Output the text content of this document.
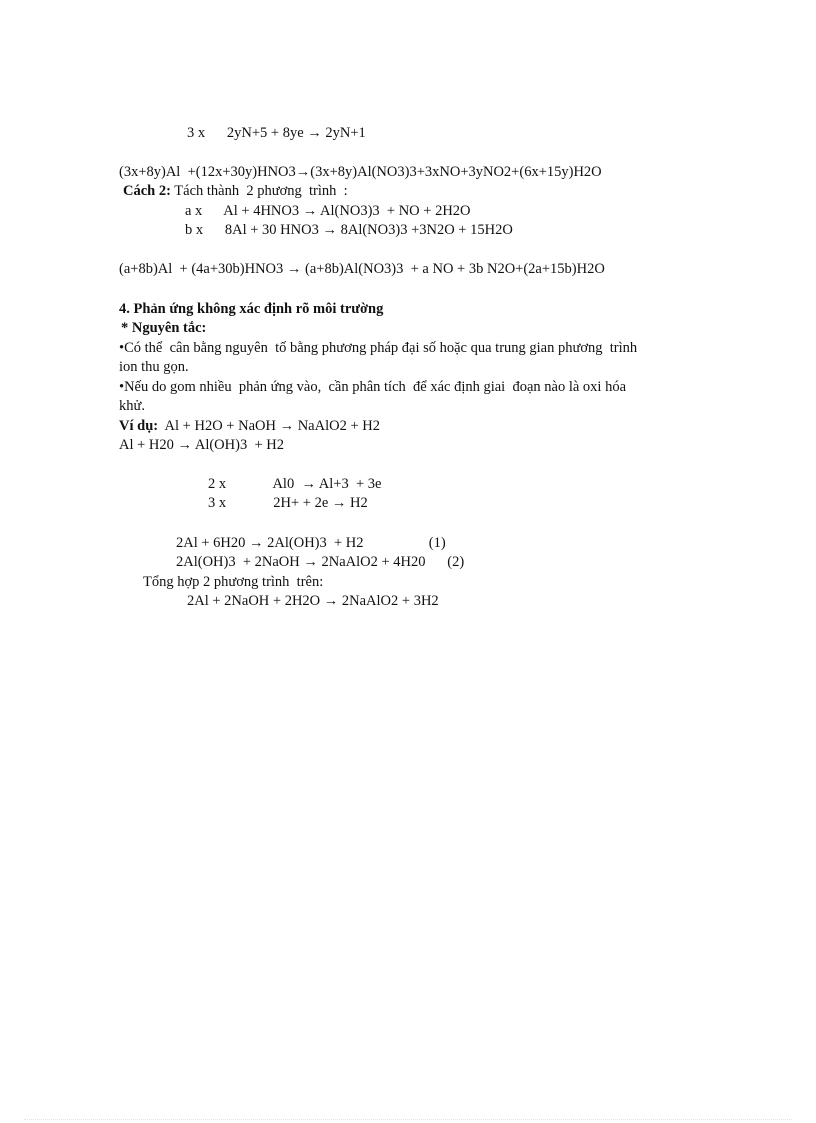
3 x      2yN+5 + 8ye → 2yN+1
(3x+8y)Al  +(12x+30y)HNO3→(3x+8y)Al(NO3)3+3xNO+3yNO2+(6x+15y)H2O
Cách 2: Tách thành  2 phương  trình  :
a x      Al + 4HNO3 → Al(NO3)3  + NO + 2H2O
b x      8Al + 30 HNO3 → 8Al(NO3)3 +3N2O + 15H2O
(a+8b)Al  + (4a+30b)HNO3 → (a+8b)Al(NO3)3  + a NO + 3b N2O+(2a+15b)H2O
4. Phản ứng không xác định rõ môi trường
* Nguyên tắc:
•Có thể  cân bằng nguyên  tố bằng phương pháp đại số hoặc qua trung gian phương  trình
ion thu gọn.
•Nếu do gom nhiều  phản ứng vào,  cần phân tích  để xác định giai  đoạn nào là oxi hóa
khử.
Ví dụ:  Al + H2O + NaOH → NaAlO2 + H2
Al + H20 → Al(OH)3  + H2
2 x             Al0  → Al+3  + 3e
3 x             2H+ + 2e → H2
2Al + 6H20 → 2Al(OH)3  + H2                  (1)
2Al(OH)3  + 2NaOH → 2NaAlO2 + 4H20      (2)
Tổng hợp 2 phương trình  trên:
2Al + 2NaOH + 2H2O → 2NaAlO2 + 3H2
